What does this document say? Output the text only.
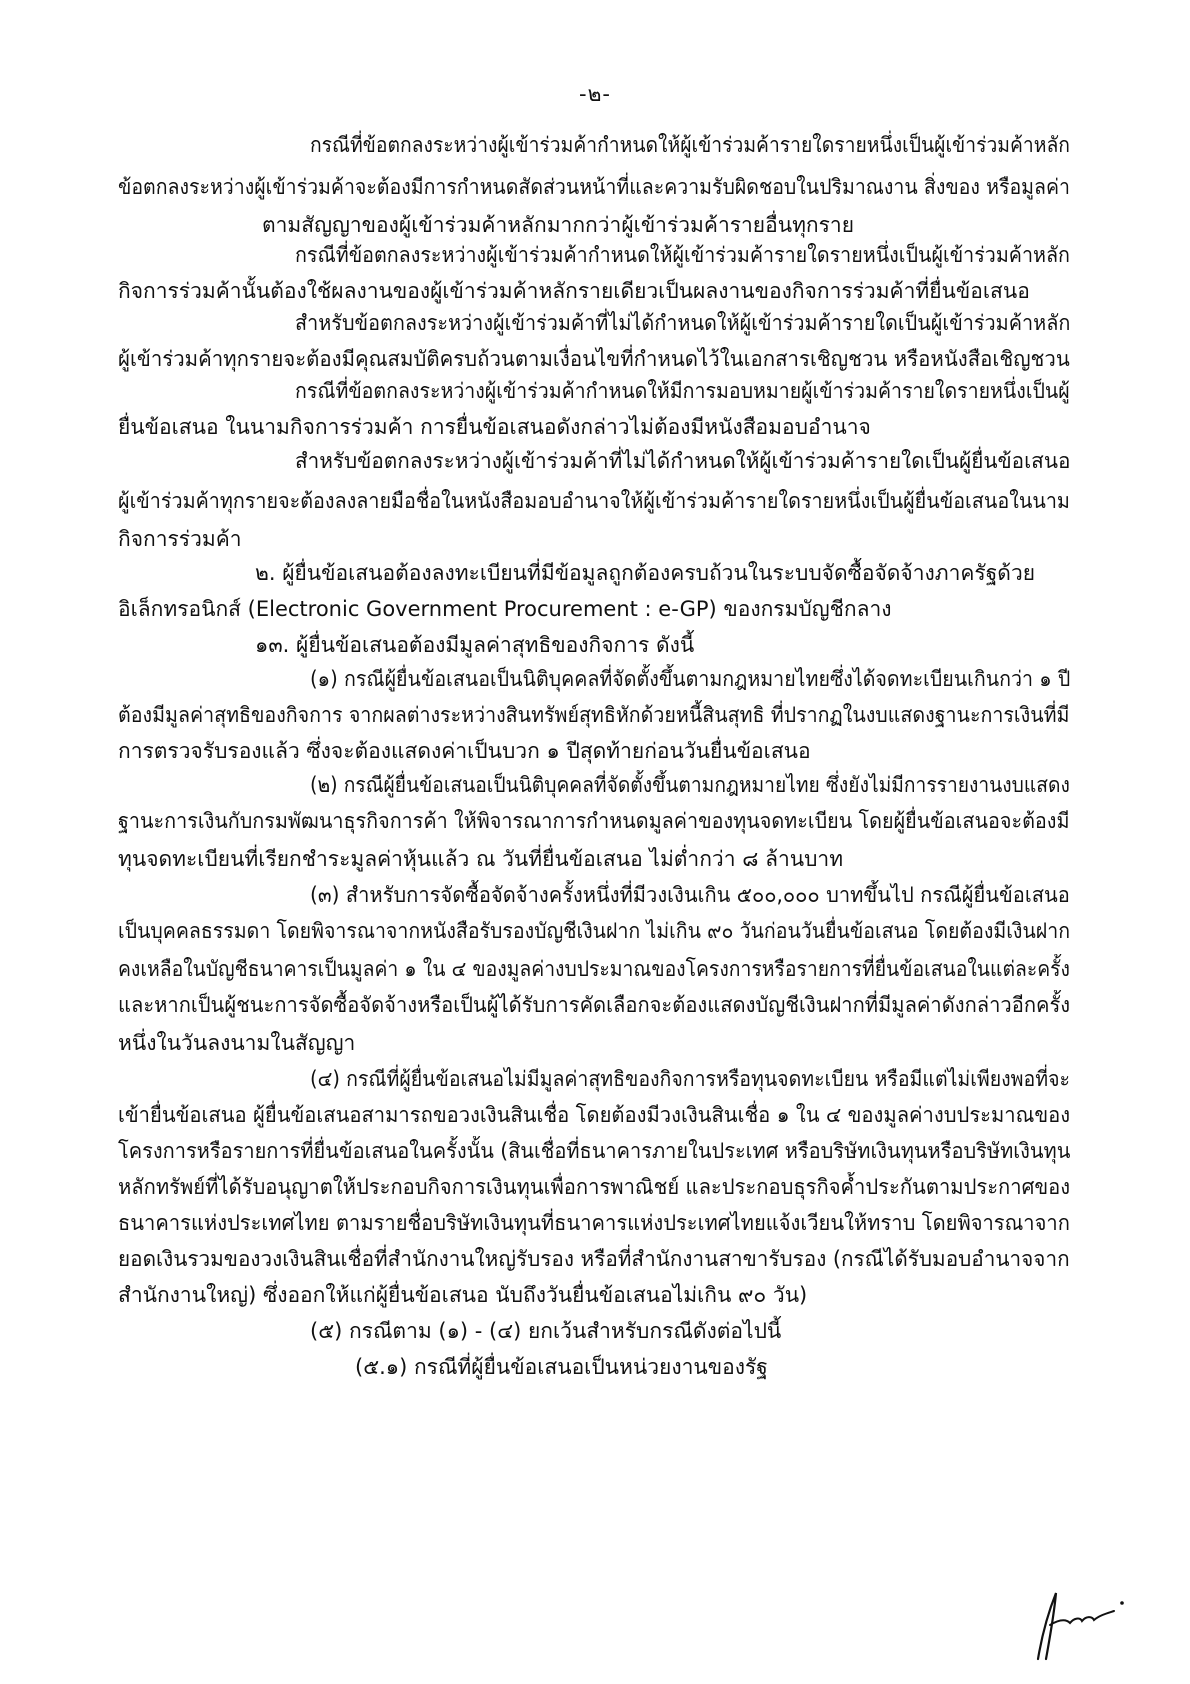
-๒-
กรณีที่ข้อตกลงระหว่างผู้เข้าร่วมค้ากำหนดให้ผู้เข้าร่วมค้ารายใดรายหนึ่งเป็นผู้เข้าร่วมค้าหลัก
ข้อตกลงระหว่างผู้เข้าร่วมค้าจะต้องมีการกำหนดสัดส่วนหน้าที่และความรับผิดชอบในปริมาณงาน สิ่งของ หรือมูลค่า
ตามสัญญาของผู้เข้าร่วมค้าหลักมากกว่าผู้เข้าร่วมค้ารายอื่นทุกราย
กรณีที่ข้อตกลงระหว่างผู้เข้าร่วมค้ากำหนดให้ผู้เข้าร่วมค้ารายใดรายหนึ่งเป็นผู้เข้าร่วมค้าหลัก
กิจการร่วมค้านั้นต้องใช้ผลงานของผู้เข้าร่วมค้าหลักรายเดียวเป็นผลงานของกิจการร่วมค้าที่ยื่นข้อเสนอ
สำหรับข้อตกลงระหว่างผู้เข้าร่วมค้าที่ไม่ได้กำหนดให้ผู้เข้าร่วมค้ารายใดเป็นผู้เข้าร่วมค้าหลัก
ผู้เข้าร่วมค้าทุกรายจะต้องมีคุณสมบัติครบถ้วนตามเงื่อนไขที่กำหนดไว้ในเอกสารเชิญชวน หรือหนังสือเชิญชวน
กรณีที่ข้อตกลงระหว่างผู้เข้าร่วมค้ากำหนดให้มีการมอบหมายผู้เข้าร่วมค้ารายใดรายหนึ่งเป็นผู้
ยื่นข้อเสนอ ในนามกิจการร่วมค้า การยื่นข้อเสนอดังกล่าวไม่ต้องมีหนังสือมอบอำนาจ
สำหรับข้อตกลงระหว่างผู้เข้าร่วมค้าที่ไม่ได้กำหนดให้ผู้เข้าร่วมค้ารายใดเป็นผู้ยื่นข้อเสนอ
ผู้เข้าร่วมค้าทุกรายจะต้องลงลายมือชื่อในหนังสือมอบอำนาจให้ผู้เข้าร่วมค้ารายใดรายหนึ่งเป็นผู้ยื่นข้อเสนอในนาม
กิจการร่วมค้า
๒. ผู้ยื่นข้อเสนอต้องลงทะเบียนที่มีข้อมูลถูกต้องครบถ้วนในระบบจัดซื้อจัดจ้างภาครัฐด้วย
อิเล็กทรอนิกส์ (Electronic Government Procurement : e-GP) ของกรมบัญชีกลาง
๑๓. ผู้ยื่นข้อเสนอต้องมีมูลค่าสุทธิของกิจการ ดังนี้
(๑) กรณีผู้ยื่นข้อเสนอเป็นนิติบุคคลที่จัดตั้งขึ้นตามกฎหมายไทยซึ่งได้จดทะเบียนเกินกว่า ๑ ปี
ต้องมีมูลค่าสุทธิของกิจการ จากผลต่างระหว่างสินทรัพย์สุทธิหักด้วยหนี้สินสุทธิ ที่ปรากฏในงบแสดงฐานะการเงินที่มี
การตรวจรับรองแล้ว ซึ่งจะต้องแสดงค่าเป็นบวก ๑ ปีสุดท้ายก่อนวันยื่นข้อเสนอ
(๒) กรณีผู้ยื่นข้อเสนอเป็นนิติบุคคลที่จัดตั้งขึ้นตามกฎหมายไทย ซึ่งยังไม่มีการรายงานงบแสดง
ฐานะการเงินกับกรมพัฒนาธุรกิจการค้า ให้พิจารณาการกำหนดมูลค่าของทุนจดทะเบียน โดยผู้ยื่นข้อเสนอจะต้องมี
ทุนจดทะเบียนที่เรียกชำระมูลค่าหุ้นแล้ว ณ วันที่ยื่นข้อเสนอ ไม่ต่ำกว่า ๘ ล้านบาท
(๓) สำหรับการจัดซื้อจัดจ้างครั้งหนึ่งที่มีวงเงินเกิน ๕๐๐,๐๐๐ บาทขึ้นไป กรณีผู้ยื่นข้อเสนอ
เป็นบุคคลธรรมดา โดยพิจารณาจากหนังสือรับรองบัญชีเงินฝาก ไม่เกิน ๙๐ วันก่อนวันยื่นข้อเสนอ โดยต้องมีเงินฝาก
คงเหลือในบัญชีธนาคารเป็นมูลค่า ๑ ใน ๔ ของมูลค่างบประมาณของโครงการหรือรายการที่ยื่นข้อเสนอในแต่ละครั้ง
และหากเป็นผู้ชนะการจัดซื้อจัดจ้างหรือเป็นผู้ได้รับการคัดเลือกจะต้องแสดงบัญชีเงินฝากที่มีมูลค่าดังกล่าวอีกครั้ง
หนึ่งในวันลงนามในสัญญา
(๔) กรณีที่ผู้ยื่นข้อเสนอไม่มีมูลค่าสุทธิของกิจการหรือทุนจดทะเบียน หรือมีแต่ไม่เพียงพอที่จะ
เข้ายื่นข้อเสนอ ผู้ยื่นข้อเสนอสามารถขอวงเงินสินเชื่อ โดยต้องมีวงเงินสินเชื่อ ๑ ใน ๔ ของมูลค่างบประมาณของ
โครงการหรือรายการที่ยื่นข้อเสนอในครั้งนั้น (สินเชื่อที่ธนาคารภายในประเทศ หรือบริษัทเงินทุนหรือบริษัทเงินทุน
หลักทรัพย์ที่ได้รับอนุญาตให้ประกอบกิจการเงินทุนเพื่อการพาณิชย์ และประกอบธุรกิจค้ำประกันตามประกาศของ
ธนาคารแห่งประเทศไทย ตามรายชื่อบริษัทเงินทุนที่ธนาคารแห่งประเทศไทยแจ้งเวียนให้ทราบ โดยพิจารณาจาก
ยอดเงินรวมของวงเงินสินเชื่อที่สำนักงานใหญ่รับรอง หรือที่สำนักงานสาขารับรอง (กรณีได้รับมอบอำนาจจาก
สำนักงานใหญ่) ซึ่งออกให้แก่ผู้ยื่นข้อเสนอ นับถึงวันยื่นข้อเสนอไม่เกิน ๙๐ วัน)
(๕) กรณีตาม (๑) - (๔) ยกเว้นสำหรับกรณีดังต่อไปนี้
(๕.๑) กรณีที่ผู้ยื่นข้อเสนอเป็นหน่วยงานของรัฐ
